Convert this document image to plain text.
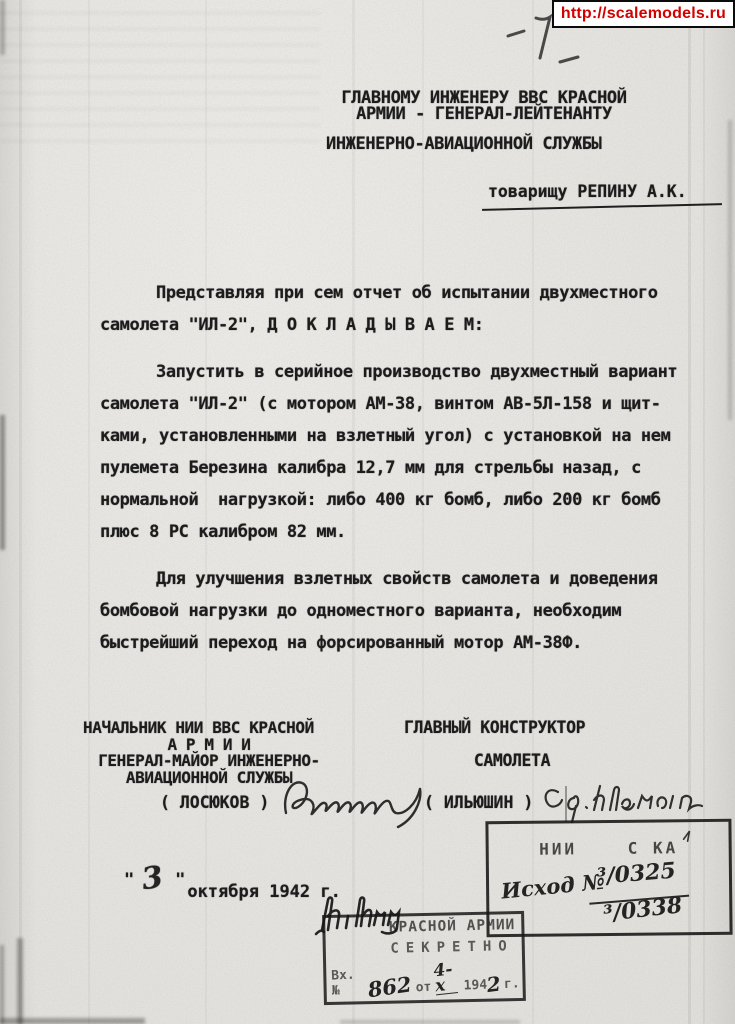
http://scalemodels.ru
ГЛАВНОМУ ИНЖЕНЕРУ ВВС КРАСНОЙ
АРМИИ - ГЕНЕРАЛ-ЛЕЙТЕНАНТУ
ИНЖЕНЕРНО-АВИАЦИОННОЙ СЛУЖБЫ
товарищу РЕПИНУ А.К.
Представляя при сем отчет об испытании двухместного
самолета "ИЛ-2", Д О К Л А Д Ы В А Е М:
Запустить в серийное производство двухместный вариант
самолета "ИЛ-2" (с мотором АМ-38, винтом АВ-5Л-158 и щит-
ками, установленными на взлетный угол) с установкой на нем
пулемета Березина калибра 12,7 мм для стрельбы назад, с
нормальной  нагрузкой: либо 400 кг бомб, либо 200 кг бомб
плюс 8 РС калибром 82 мм.
Для улучшения взлетных свойств самолета и доведения
бомбовой нагрузки до одноместного варианта, необходим
быстрейший переход на форсированный мотор АМ-38Ф.
НАЧАЛЬНИК НИИ ВВС КРАСНОЙ
А Р М И И
ГЕНЕРАЛ-МАЙОР ИНЖЕНЕРНО-
АВИАЦИОННОЙ СЛУЖБЫ
ГЛАВНЫЙ КОНСТРУКТОР
САМОЛЕТА
( ЛОСЮКОВ )	( ИЛЬЮШИН )

" 3 "октября 1942 г.

НИИ    С КА
Исход №
³/0325
³/0338
КРАСНОЙ АРМИИ
СЕКРЕТНО
Вх. №	862 от
4-х	194
2 г.
